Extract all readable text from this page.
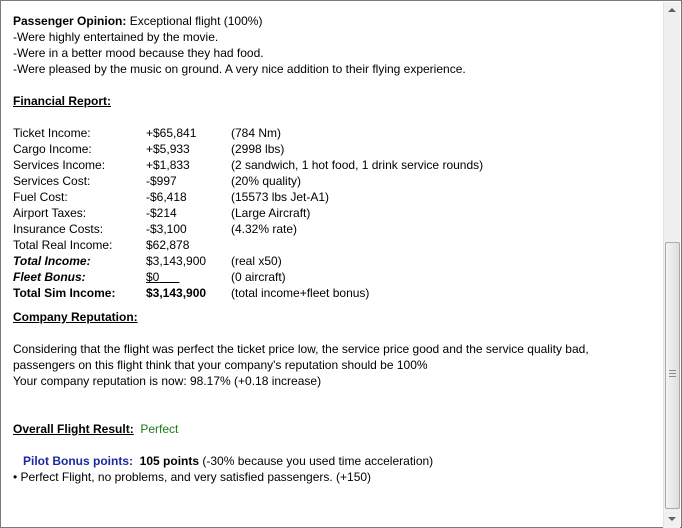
Passenger Opinion: Exceptional flight (100%)
-Were highly entertained by the movie.
-Were in a better mood because they had food.
-Were pleased by the music on ground. A very nice addition to their flying experience.
Financial Report:
Ticket Income:	+$65,841	(784 Nm)
Cargo Income:	+$5,933	(2998 lbs)
Services Income:	+$1,833	(2 sandwich, 1 hot food, 1 drink service rounds)
Services Cost:	-$997	(20% quality)
Fuel Cost:	-$6,418	(15573 lbs Jet-A1)
Airport Taxes:	-$214	(Large Aircraft)
Insurance Costs:	-$3,100	(4.32% rate)
Total Real Income:	$62,878
Total Income:	$3,143,900 (real x50)
Fleet Bonus:	$0	(0 aircraft)
Total Sim Income:	$3,143,900 (total income+fleet bonus)
Company Reputation:
Considering that the flight was perfect the ticket price low, the service price good and the service quality bad,
passengers on this flight think that your company's reputation should be 100%
Your company reputation is now: 98.17% (+0.18 increase)
Overall Flight Result: Perfect
Pilot Bonus points: 105 points (-30% because you used time acceleration)
• Perfect Flight, no problems, and very satisfied passengers. (+150)
